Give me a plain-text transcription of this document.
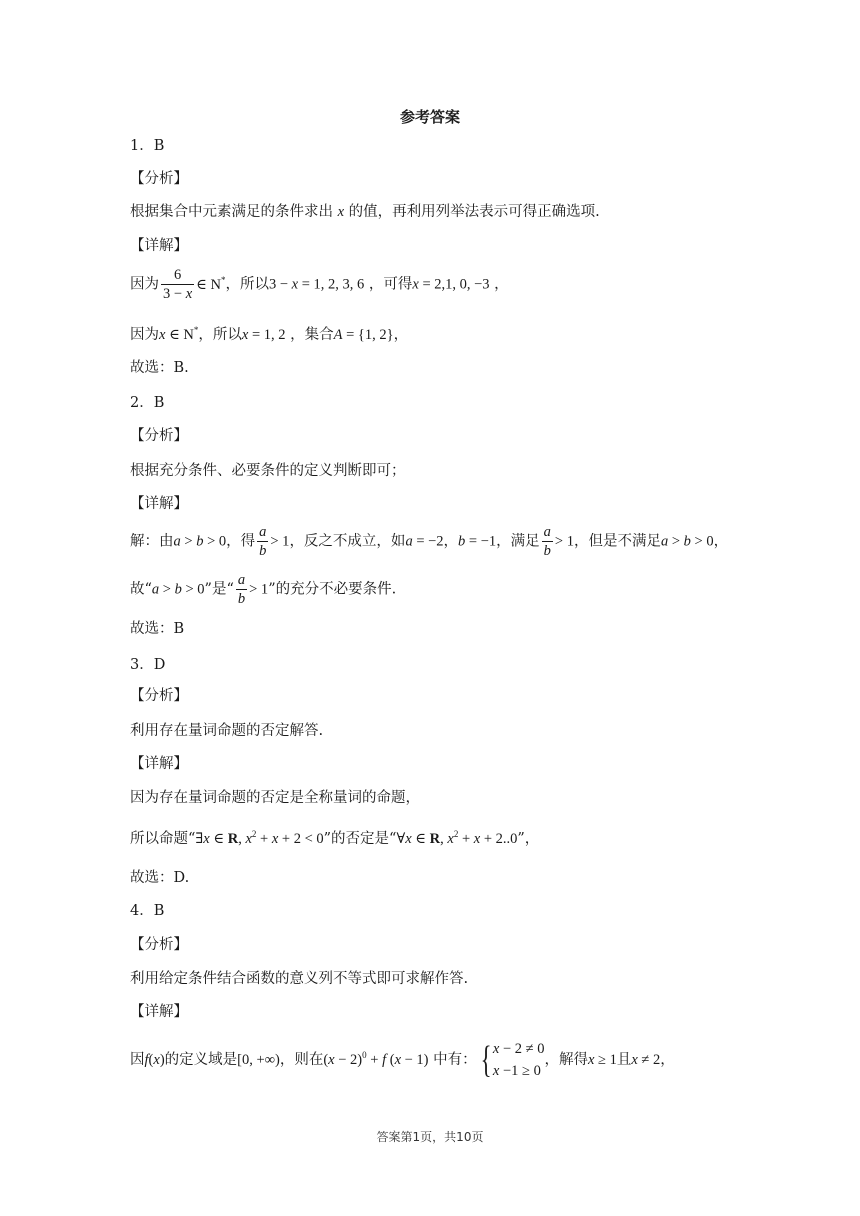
参考答案
1．B
【分析】
根据集合中元素满足的条件求出 x 的值，再利用列举法表示可得正确选项.
【详解】
因为 $\frac{6}{3 - x}$ ∈ N*，所以3 − x = 1, 2, 3, 6 ，可得x = 2,1, 0, −3 ，
因为x ∈ N*，所以x = 1, 2 ，集合A = {1, 2}，
故选：B.
2．B
【分析】
根据充分条件、必要条件的定义判断即可；
【详解】
解：由a > b > 0，得 $\frac{a}{b} > 1$，反之不成立，如a = −2，b = −1，满足 $\frac{a}{b} > 1$，但是不满足a > b > 0，
故“a > b > 0”是“ $\frac{a}{b} > 1$”的充分不必要条件.
故选：B
3．D
【分析】
利用存在量词命题的否定解答.
【详解】
因为存在量词命题的否定是全称量词的命题，
所以命题“∃x ∈ R, $x^2 + x + 2 < 0$”的否定是“∀x ∈ R, $x^2 + x + 2..0$”，
故选：D.
4．B
【分析】
利用给定条件结合函数的意义列不等式即可求解作答.
【详解】
因f(x)的定义域是[0, +∞)，则在$(x - 2)^0 + f$ (x − 1) 中有：{ x − 2 ≠ 0
x −1 ≥ 0
，解得x ≥ 1且x ≠ 2，
答案第1页，共10页
